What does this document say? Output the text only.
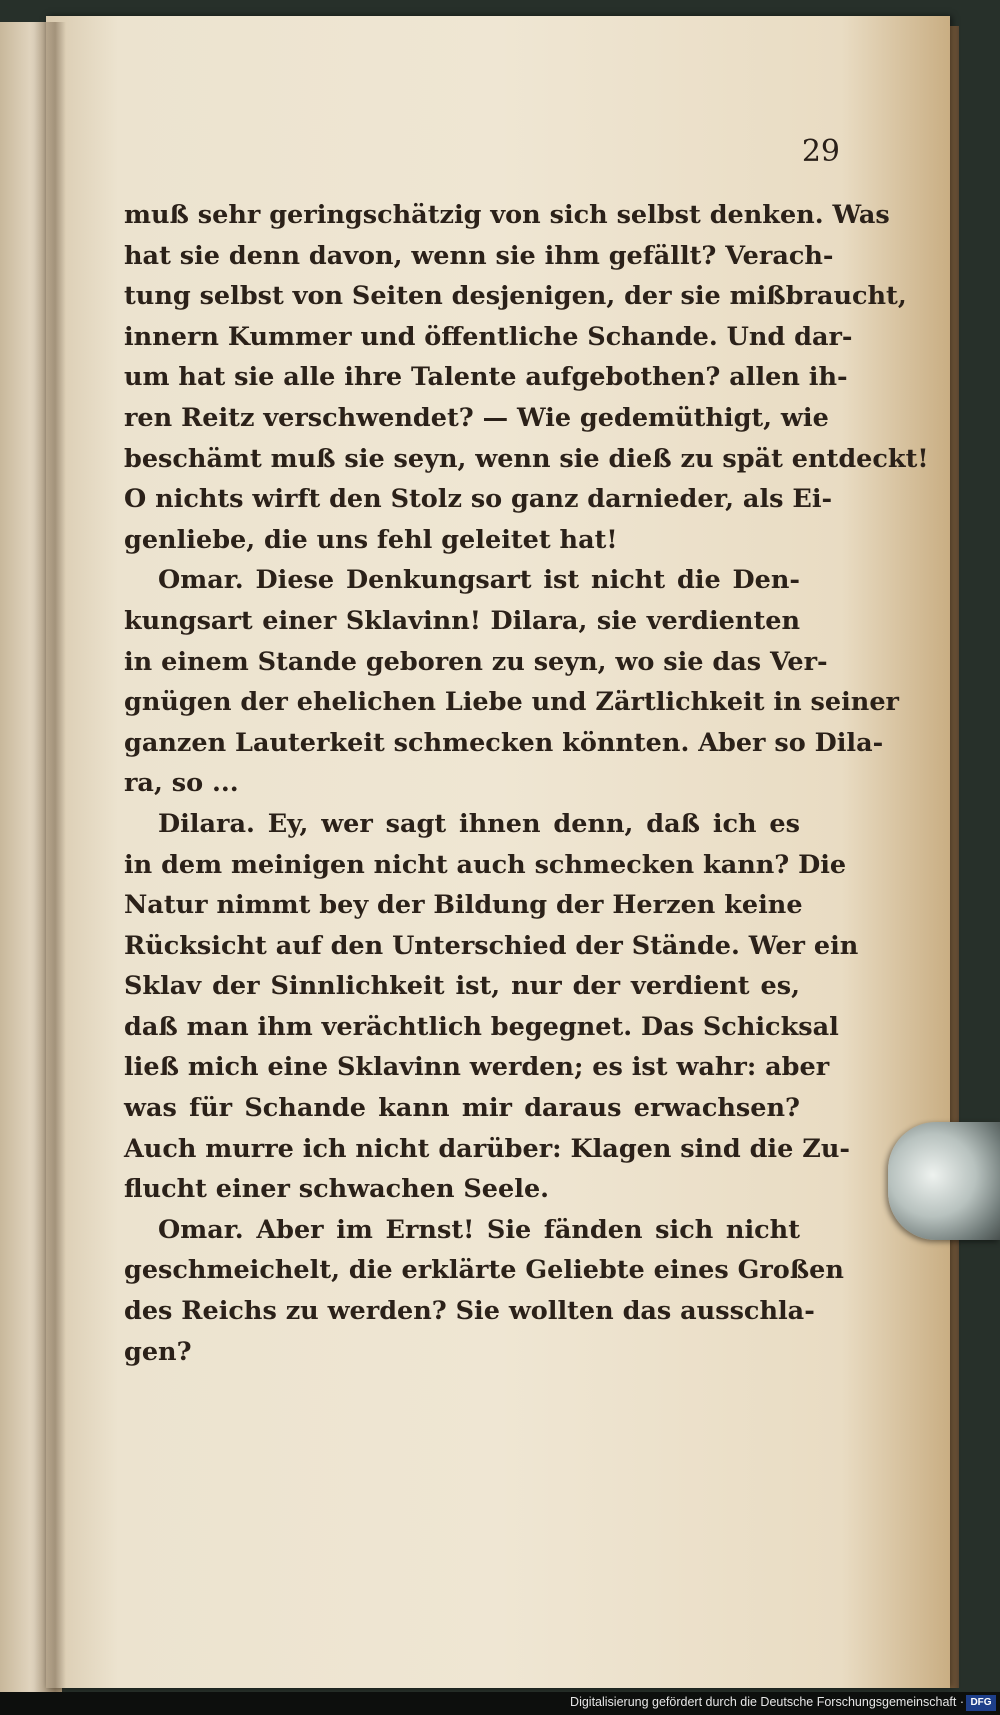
29
muß sehr geringschätzig von sich selbst denken. Was
hat sie denn davon, wenn sie ihm gefällt? Verach-
tung selbst von Seiten desjenigen, der sie mißbraucht,
innern Kummer und öffentliche Schande. Und dar-
um hat sie alle ihre Talente aufgebothen? allen ih-
ren Reitz verschwendet? — Wie gedemüthigt, wie
beschämt muß sie seyn, wenn sie dieß zu spät entdeckt!
O nichts wirft den Stolz so ganz darnieder, als Ei-
genliebe, die uns fehl geleitet hat!
Omar. Diese Denkungsart ist nicht die Den-
kungsart einer Sklavinn! Dilara, sie verdienten
in einem Stande geboren zu seyn, wo sie das Ver-
gnügen der ehelichen Liebe und Zärtlichkeit in seiner
ganzen Lauterkeit schmecken könnten. Aber so Dila-
ra, so ...
Dilara. Ey, wer sagt ihnen denn, daß ich es
in dem meinigen nicht auch schmecken kann? Die
Natur nimmt bey der Bildung der Herzen keine
Rücksicht auf den Unterschied der Stände. Wer ein
Sklav der Sinnlichkeit ist, nur der verdient es,
daß man ihm verächtlich begegnet. Das Schicksal
ließ mich eine Sklavinn werden; es ist wahr: aber
was für Schande kann mir daraus erwachsen?
Auch murre ich nicht darüber: Klagen sind die Zu-
flucht einer schwachen Seele.
Omar. Aber im Ernst! Sie fänden sich nicht
geschmeichelt, die erklärte Geliebte eines Großen
des Reichs zu werden? Sie wollten das ausschla-
gen?
Digitalisierung gefördert durch die Deutsche Forschungsgemeinschaft · DFG
